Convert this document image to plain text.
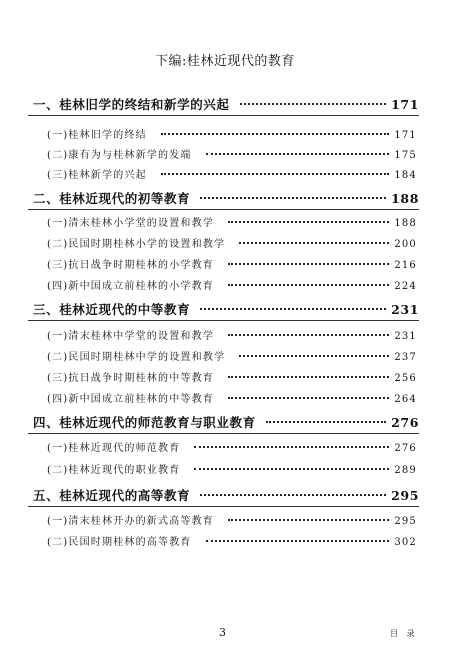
下编:桂林近现代的教育
一、桂林旧学的终结和新学的兴起	171
(一)桂林旧学的终结	171
(二)康有为与桂林新学的发端	175
(三)桂林新学的兴起	184
二、桂林近现代的初等教育	188
(一)清末桂林小学堂的设置和教学	188
(二)民国时期桂林小学的设置和教学	200
(三)抗日战争时期桂林的小学教育	216
(四)新中国成立前桂林的小学教育	224
三、桂林近现代的中等教育	231
(一)清末桂林中学堂的设置和教学	231
(二)民国时期桂林中学的设置和教学	237
(三)抗日战争时期桂林的中等教育	256
(四)新中国成立前桂林的中等教育	264
四、桂林近现代的师范教育与职业教育	276
(一)桂林近现代的师范教育	276
(二)桂林近现代的职业教育	289
五、桂林近现代的高等教育	295
(一)清末桂林开办的新式高等教育	295
(二)民国时期桂林的高等教育	302
3	目 录
